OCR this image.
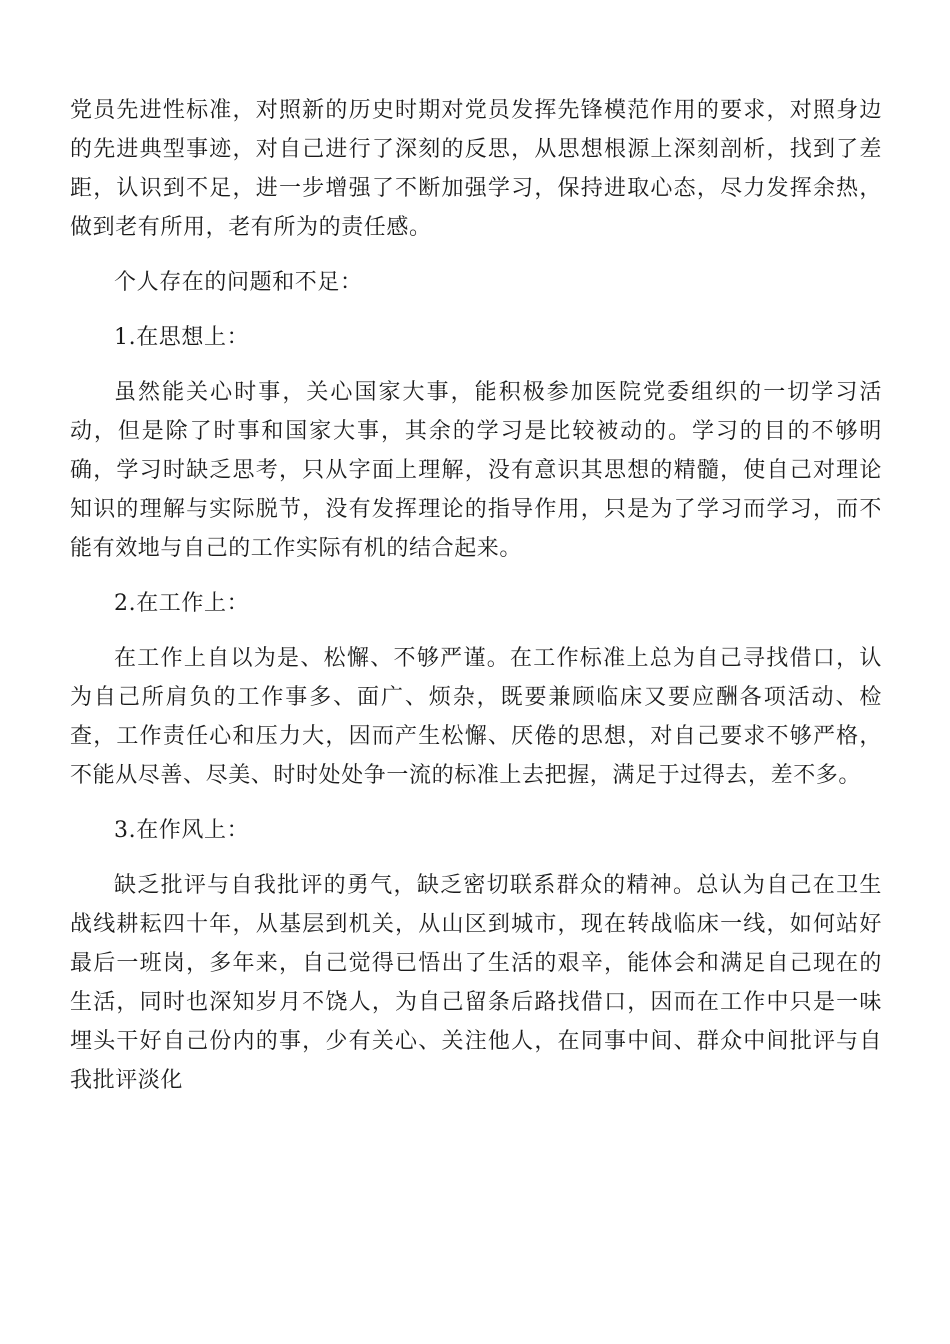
党员先进性标准，对照新的历史时期对党员发挥先锋模范作用的要求，对照身边的先进典型事迹，对自己进行了深刻的反思，从思想根源上深刻剖析，找到了差距，认识到不足，进一步增强了不断加强学习，保持进取心态，尽力发挥余热，做到老有所用，老有所为的责任感。

个人存在的问题和不足：

1.在思想上：

虽然能关心时事，关心国家大事，能积极参加医院党委组织的一切学习活动，但是除了时事和国家大事，其余的学习是比较被动的。学习的目的不够明确，学习时缺乏思考，只从字面上理解，没有意识其思想的精髓，使自己对理论知识的理解与实际脱节，没有发挥理论的指导作用，只是为了学习而学习，而不能有效地与自己的工作实际有机的结合起来。

2.在工作上：

在工作上自以为是、松懈、不够严谨。在工作标准上总为自己寻找借口，认为自己所肩负的工作事多、面广、烦杂，既要兼顾临床又要应酬各项活动、检查，工作责任心和压力大，因而产生松懈、厌倦的思想，对自己要求不够严格，不能从尽善、尽美、时时处处争一流的标准上去把握，满足于过得去，差不多。

3.在作风上：

缺乏批评与自我批评的勇气，缺乏密切联系群众的精神。总认为自己在卫生战线耕耘四十年，从基层到机关，从山区到城市，现在转战临床一线，如何站好最后一班岗，多年来，自己觉得已悟出了生活的艰辛，能体会和满足自己现在的生活，同时也深知岁月不饶人，为自己留条后路找借口，因而在工作中只是一味埋头干好自己份内的事，少有关心、关注他人，在同事中间、群众中间批评与自我批评淡化
